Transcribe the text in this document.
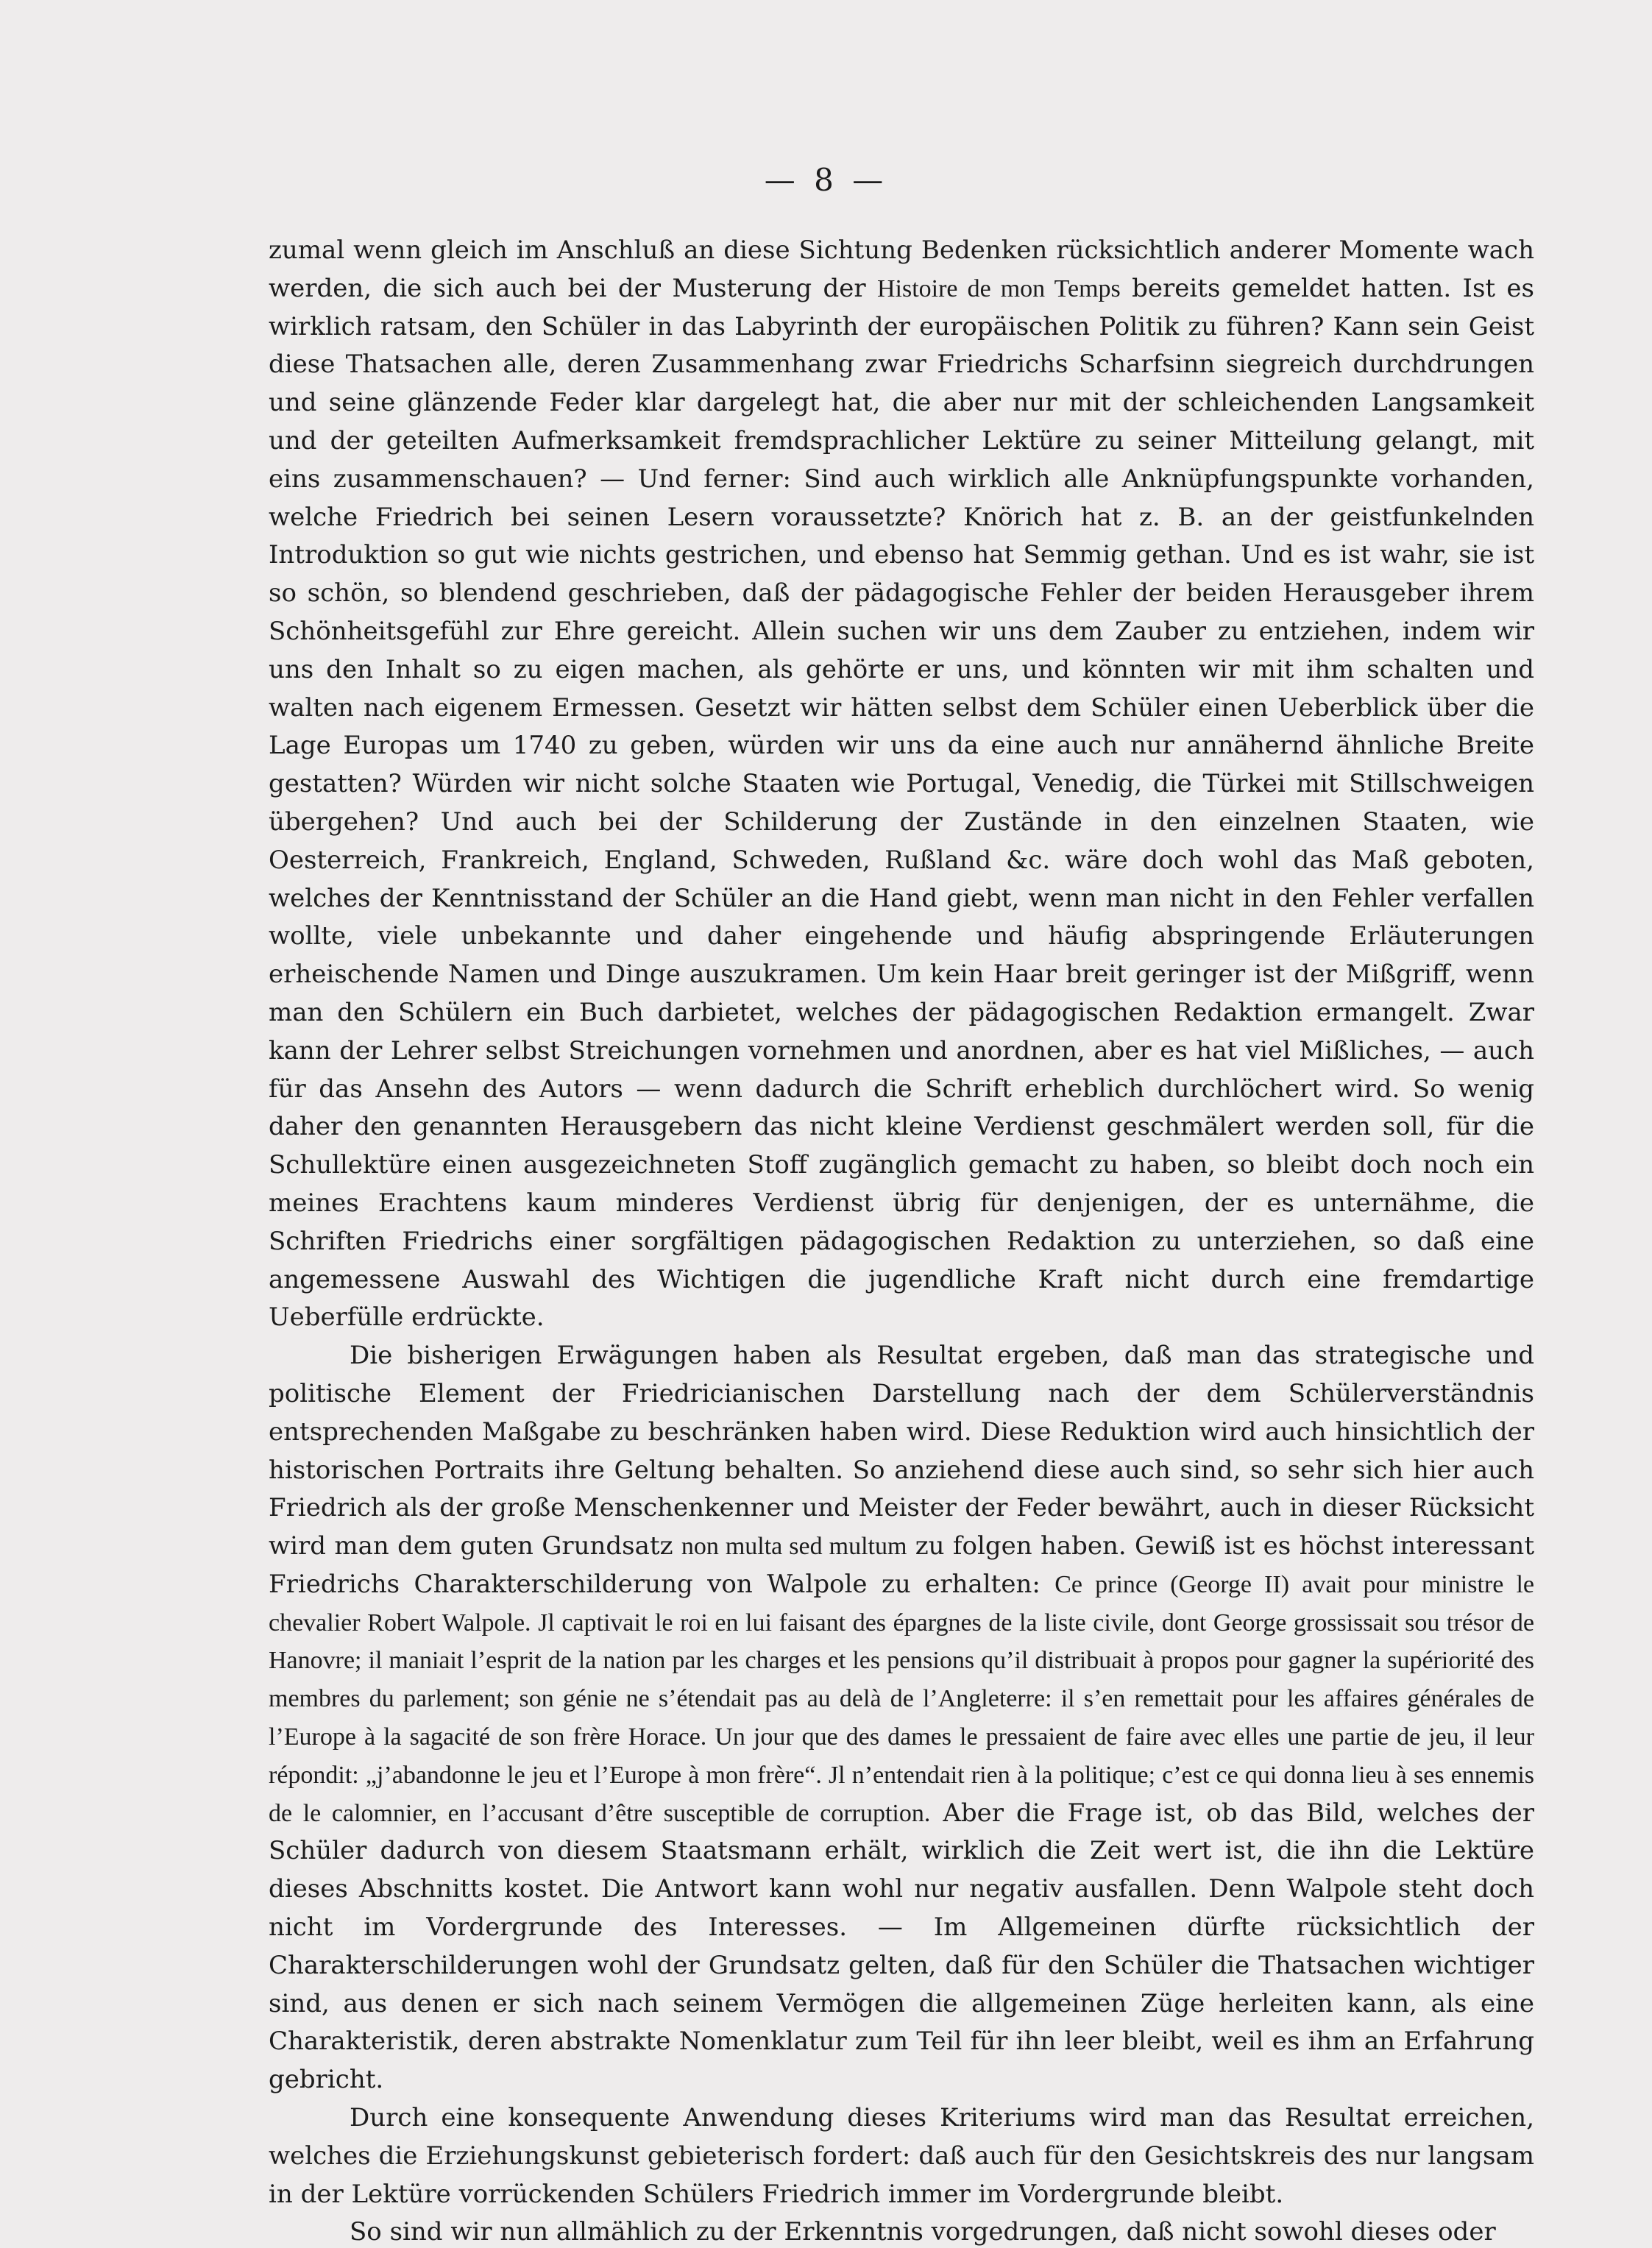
— 8 —

zumal wenn gleich im Anschluß an diese Sichtung Bedenken rücksichtlich anderer Momente wach werden, die sich auch bei der Musterung der Histoire de mon Temps bereits gemeldet hatten. Ist es wirklich ratsam, den Schüler in das Labyrinth der europäischen Politik zu führen? Kann sein Geist diese Thatsachen alle, deren Zusammenhang zwar Friedrichs Scharfsinn siegreich durchdrungen und seine glänzende Feder klar dargelegt hat, die aber nur mit der schleichenden Langsamkeit und der geteilten Aufmerksamkeit fremdsprachlicher Lektüre zu seiner Mitteilung gelangt, mit eins zusammenschauen? — Und ferner: Sind auch wirklich alle Anknüpfungspunkte vorhanden, welche Friedrich bei seinen Lesern voraussetzte? Knörich hat z. B. an der geistfunkelnden Introduktion so gut wie nichts gestrichen, und ebenso hat Semmig gethan. Und es ist wahr, sie ist so schön, so blendend geschrieben, daß der pädagogische Fehler der beiden Herausgeber ihrem Schönheitsgefühl zur Ehre gereicht. Allein suchen wir uns dem Zauber zu entziehen, indem wir uns den Inhalt so zu eigen machen, als gehörte er uns, und könnten wir mit ihm schalten und walten nach eigenem Ermessen. Gesetzt wir hätten selbst dem Schüler einen Ueberblick über die Lage Europas um 1740 zu geben, würden wir uns da eine auch nur annähernd ähnliche Breite gestatten? Würden wir nicht solche Staaten wie Portugal, Venedig, die Türkei mit Stillschweigen übergehen? Und auch bei der Schilderung der Zustände in den einzelnen Staaten, wie Oesterreich, Frankreich, England, Schweden, Rußland &c. wäre doch wohl das Maß geboten, welches der Kenntnisstand der Schüler an die Hand giebt, wenn man nicht in den Fehler verfallen wollte, viele unbekannte und daher eingehende und häufig abspringende Erläuterungen erheischende Namen und Dinge auszukramen. Um kein Haar breit geringer ist der Mißgriff, wenn man den Schülern ein Buch darbietet, welches der pädagogischen Redaktion ermangelt. Zwar kann der Lehrer selbst Streichungen vornehmen und anordnen, aber es hat viel Mißliches, — auch für das Ansehn des Autors — wenn dadurch die Schrift erheblich durchlöchert wird. So wenig daher den genannten Herausgebern das nicht kleine Verdienst geschmälert werden soll, für die Schullektüre einen ausgezeichneten Stoff zugänglich gemacht zu haben, so bleibt doch noch ein meines Erachtens kaum minderes Verdienst übrig für denjenigen, der es unternähme, die Schriften Friedrichs einer sorgfältigen pädagogischen Redaktion zu unterziehen, so daß eine angemessene Auswahl des Wichtigen die jugendliche Kraft nicht durch eine fremdartige Ueberfülle erdrückte.

Die bisherigen Erwägungen haben als Resultat ergeben, daß man das strategische und politische Element der Friedricianischen Darstellung nach der dem Schülerverständnis entsprechenden Maßgabe zu beschränken haben wird. Diese Reduktion wird auch hinsichtlich der historischen Portraits ihre Geltung behalten. So anziehend diese auch sind, so sehr sich hier auch Friedrich als der große Menschenkenner und Meister der Feder bewährt, auch in dieser Rücksicht wird man dem guten Grundsatz non multa sed multum zu folgen haben. Gewiß ist es höchst interessant Friedrichs Charakterschilderung von Walpole zu erhalten: Ce prince (George II) avait pour ministre le chevalier Robert Walpole. Jl captivait le roi en lui faisant des épargnes de la liste civile, dont George grossissait sou trésor de Hanovre; il maniait l’esprit de la nation par les charges et les pensions qu’il distribuait à propos pour gagner la supériorité des membres du parlement; son génie ne s’étendait pas au delà de l’Angleterre: il s’en remettait pour les affaires générales de l’Europe à la sagacité de son frère Horace. Un jour que des dames le pressaient de faire avec elles une partie de jeu, il leur répondit: „j’abandonne le jeu et l’Europe à mon frère“. Jl n’entendait rien à la politique; c’est ce qui donna lieu à ses ennemis de le calomnier, en l’accusant d’être susceptible de corruption. Aber die Frage ist, ob das Bild, welches der Schüler dadurch von diesem Staatsmann erhält, wirklich die Zeit wert ist, die ihn die Lektüre dieses Abschnitts kostet. Die Antwort kann wohl nur negativ ausfallen. Denn Walpole steht doch nicht im Vordergrunde des Interesses. — Im Allgemeinen dürfte rücksichtlich der Charakterschilderungen wohl der Grundsatz gelten, daß für den Schüler die Thatsachen wichtiger sind, aus denen er sich nach seinem Vermögen die allgemeinen Züge herleiten kann, als eine Charakteristik, deren abstrakte Nomenklatur zum Teil für ihn leer bleibt, weil es ihm an Erfahrung gebricht.

Durch eine konsequente Anwendung dieses Kriteriums wird man das Resultat erreichen, welches die Erziehungskunst gebieterisch fordert: daß auch für den Gesichtskreis des nur langsam in der Lektüre vorrückenden Schülers Friedrich immer im Vordergrunde bleibt.

So sind wir nun allmählich zu der Erkenntnis vorgedrungen, daß nicht sowohl dieses oder
